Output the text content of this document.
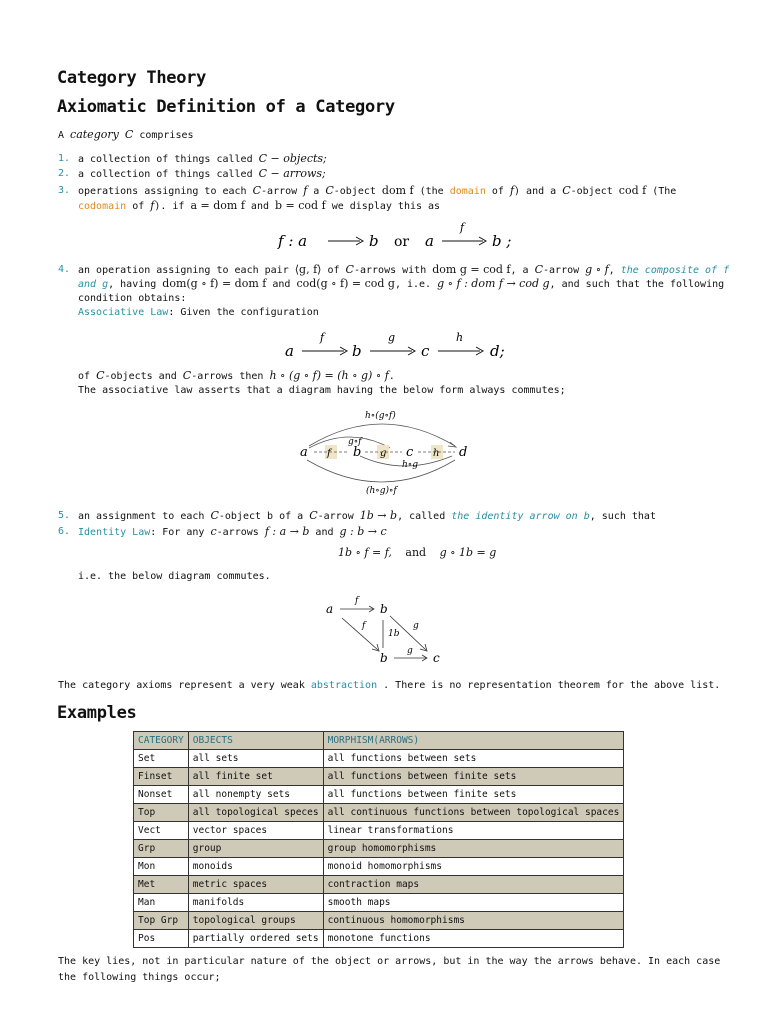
Category Theory
Axiomatic Definition of a Category
A category C comprises
1. a collection of things called C − objects;
2. a collection of things called C − arrows;
3. operations assigning to each C-arrow f a C-object dom f (the domain of f) and a C-object cod f (The
codomain of f). if a = dom f and b = cod f we display this as
f : a	b or a
f
b ;
4. an operation assigning to each pair ⟨g, f⟩ of C-arrows with dom g = cod f, a C-arrow g ∘ f, the composite of f
and g, having dom(g ∘ f) = dom f and cod(g ∘ f) = cod g, i.e. g ∘ f : dom f → cod g, and such that the following
condition obtains:
Associative Law: Given the configuration
a
f
b
g
c
h
d;
of C-objects and C-arrows then h ∘ (g ∘ f) = (h ∘ g) ∘ f.
The associative law asserts that a diagram having the below form always commutes;
h∘(g∘f)
g∘f
a f b g c h d
h∘g
(h∘g)∘f
5. an assignment to each C-object b of a C-arrow 1b → b, called the identity arrow on b, such that
6. Identity Law: For any c-arrows f : a → b and g : b → c
1b ∘ f = f, and g ∘ 1b = g
i.e. the below diagram commutes.
a
f
b
f
1b
g
b g c
The category axioms represent a very weak abstraction . There is no representation theorem for the above list.
Examples
CATEGORY	OBJECTS	MORPHISM(ARROWS)
Set	all sets	all functions between sets
Finset	all finite set	all functions between finite sets
Nonset	all nonempty sets	all functions between finite sets
Top	all topological speces	all continuous functions between topological spaces
Vect	vector spaces	linear transformations
Grp	group	group homomorphisms
Mon	monoids	monoid homomorphisms
Met	metric spaces	contraction maps
Man	manifolds	smooth maps
Top Grp	topological groups	continuous homomorphisms
Pos	partially ordered sets	monotone functions
The key lies, not in particular nature of the object or arrows, but in the way the arrows behave. In each case
the following things occur;
